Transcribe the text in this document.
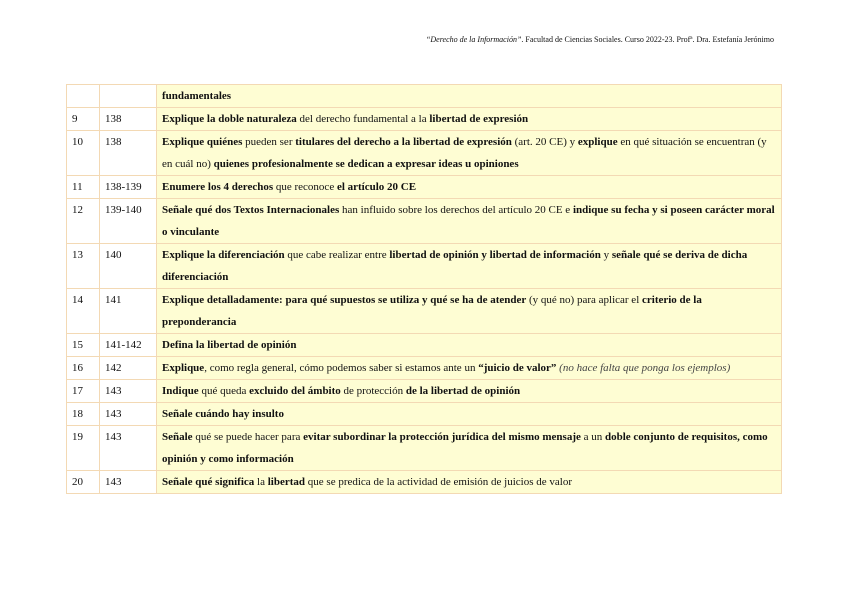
“Derecho de la Información”. Facultad de Ciencias Sociales. Curso 2022-23. Profª. Dra. Estefanía Jerónimo
		fundamentales
9	138	Explique la doble naturaleza del derecho fundamental a la libertad de expresión
10	138	Explique quiénes pueden ser titulares del derecho a la libertad de expresión (art. 20 CE) y explique en qué situación se encuentran (y en cuál no) quienes profesionalmente se dedican a expresar ideas u opiniones
11	138-139	Enumere los 4 derechos que reconoce el artículo 20 CE
12	139-140	Señale qué dos Textos Internacionales han influido sobre los derechos del artículo 20 CE e indique su fecha y si poseen carácter moral o vinculante
13	140	Explique la diferenciación que cabe realizar entre libertad de opinión y libertad de información y señale qué se deriva de dicha diferenciación
14	141	Explique detalladamente: para qué supuestos se utiliza y qué se ha de atender (y qué no) para aplicar el criterio de la preponderancia
15	141-142	Defina la libertad de opinión
16	142	Explique, como regla general, cómo podemos saber si estamos ante un “juicio de valor” (no hace falta que ponga los ejemplos)
17	143	Indique qué queda excluido del ámbito de protección de la libertad de opinión
18	143	Señale cuándo hay insulto
19	143	Señale qué se puede hacer para evitar subordinar la protección jurídica del mismo mensaje a un doble conjunto de requisitos, como opinión y como información
20	143	Señale qué significa la libertad que se predica de la actividad de emisión de juicios de valor
